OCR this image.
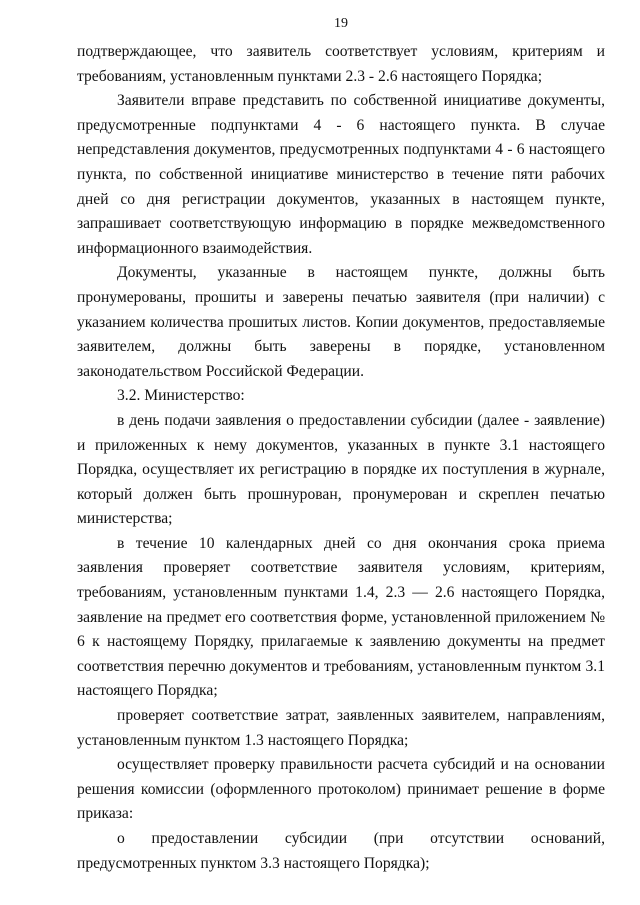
19

подтверждающее, что заявитель соответствует условиям, критериям и требованиям, установленным пунктами 2.3 - 2.6 настоящего Порядка;

Заявители вправе представить по собственной инициативе документы, предусмотренные подпунктами 4 - 6 настоящего пункта. В случае непредставления документов, предусмотренных подпунктами 4 - 6 настоящего пункта, по собственной инициативе министерство в течение пяти рабочих дней со дня регистрации документов, указанных в настоящем пункте, запрашивает соответствующую информацию в порядке межведомственного информационного взаимодействия.

Документы, указанные в настоящем пункте, должны быть пронумерованы, прошиты и заверены печатью заявителя (при наличии) с указанием количества прошитых листов. Копии документов, предоставляемые заявителем, должны быть заверены в порядке, установленном законодательством Российской Федерации.

3.2. Министерство:

в день подачи заявления о предоставлении субсидии (далее - заявление) и приложенных к нему документов, указанных в пункте 3.1 настоящего Порядка, осуществляет их регистрацию в порядке их поступления в журнале, который должен быть прошнурован, пронумерован и скреплен печатью министерства;

в течение 10 календарных дней со дня окончания срока приема заявления проверяет соответствие заявителя условиям, критериям, требованиям, установленным пунктами 1.4, 2.3 — 2.6 настоящего Порядка, заявление на предмет его соответствия форме, установленной приложением № 6 к настоящему Порядку, прилагаемые к заявлению документы на предмет соответствия перечню документов и требованиям, установленным пунктом 3.1 настоящего Порядка;

проверяет соответствие затрат, заявленных заявителем, направлениям, установленным пунктом 1.3 настоящего Порядка;

осуществляет проверку правильности расчета субсидий и на основании решения комиссии (оформленного протоколом) принимает решение в форме приказа:

о предоставлении субсидии (при отсутствии оснований, предусмотренных пунктом 3.3 настоящего Порядка);
